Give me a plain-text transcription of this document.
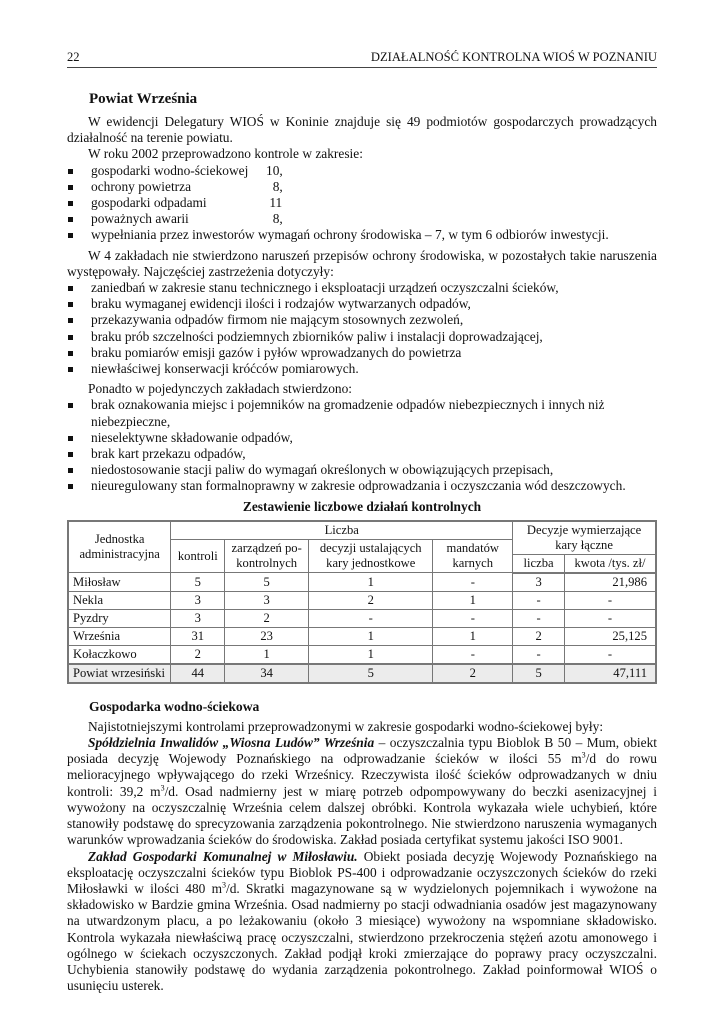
22	DZIAŁALNOŚĆ KONTROLNA WIOŚ W POZNANIU
Powiat Września

W ewidencji Delegatury WIOŚ w Koninie znajduje się 49 podmiotów gospodarczych prowadzących działalność na terenie powiatu.

W roku 2002 przeprowadzono kontrole w zakresie:

gospodarki wodno-ściekowej 10,
ochrony powietrza	8,
gospodarki odpadami	11
poważnych awarii	8,
wypełniania przez inwestorów wymagań ochrony środowiska – 7, w tym 6 odbiorów inwestycji.

W 4 zakładach nie stwierdzono naruszeń przepisów ochrony środowiska, w pozostałych takie naruszenia występowały. Najczęściej zastrzeżenia dotyczyły:

zaniedbań w zakresie stanu technicznego i eksploatacji urządzeń oczyszczalni ścieków,
braku wymaganej ewidencji ilości i rodzajów wytwarzanych odpadów,
przekazywania odpadów firmom nie mającym stosownych zezwoleń,
braku prób szczelności podziemnych zbiorników paliw i instalacji doprowadzającej,
braku pomiarów emisji gazów i pyłów wprowadzanych do powietrza
niewłaściwej konserwacji króćców pomiarowych.

Ponadto w pojedynczych zakładach stwierdzono:

brak oznakowania miejsc i pojemników na gromadzenie odpadów niebezpiecznych i innych niż niebezpieczne,
nieselektywne składowanie odpadów,
brak kart przekazu odpadów,
niedostosowanie stacji paliw do wymagań określonych w obowiązujących przepisach,
nieuregulowany stan formalnoprawny w zakresie odprowadzania i oczyszczania wód deszczowych.
Zestawienie liczbowe działań kontrolnych
Jednostka administracyjna	Liczba				Decyzje wymierzające kary łączne	
	kontroli	zarządzeń po-kontrolnych	decyzji ustalających kary jednostkowe	mandatów karnych		
					liczba	kwota /tys. zł/
Miłosław	5	5	1	-	3	21,986
Nekla	3	3	2	1	-	-
Pyzdry	3	2	-	-	-	-
Września	31	23	1	1	2	25,125
Kołaczkowo	2	1	1	-	-	-
Powiat wrzesiński	44	34	5	2	5	47,111
Gospodarka wodno-ściekowa

Najistotniejszymi kontrolami przeprowadzonymi w zakresie gospodarki wodno-ściekowej były:

Spółdzielnia Inwalidów „Wiosna Ludów” Września – oczyszczalnia typu Bioblok B 50 – Mum, obiekt posiada decyzję Wojewody Poznańskiego na odprowadzanie ścieków w ilości 55 $m^3/d$ do rowu melioracyjnego wpływającego do rzeki Wrześnicy. Rzeczywista ilość ścieków odprowadzanych w dniu kontroli: 39,2 $m^3/d$. Osad nadmierny jest w miarę potrzeb odpompowywany do beczki asenizacyjnej i wywożony na oczyszczalnię Września celem dalszej obróbki. Kontrola wykazała wiele uchybień, które stanowiły podstawę do sprecyzowania zarządzenia pokontrolnego. Nie stwierdzono naruszenia wymaganych warunków wprowadzania ścieków do środowiska. Zakład posiada certyfikat systemu jakości ISO 9001.

Zakład Gospodarki Komunalnej w Miłosławiu. Obiekt posiada decyzję Wojewody Poznańskiego na eksploatację oczyszczalni ścieków typu Bioblok PS-400 i odprowadzanie oczyszczonych ścieków do rzeki Miłosławki w ilości 480 $m^3/d$. Skratki magazynowane są w wydzielonych pojemnikach i wywożone na składowisko w Bardzie gmina Września. Osad nadmierny po stacji odwadniania osadów jest magazynowany na utwardzonym placu, a po leżakowaniu (około 3 miesiące) wywożony na wspomniane składowisko. Kontrola wykazała niewłaściwą pracę oczyszczalni, stwierdzono przekroczenia stężeń azotu amonowego i ogólnego w ściekach oczyszczonych. Zakład podjął kroki zmierzające do poprawy pracy oczyszczalni. Uchybienia stanowiły podstawę do wydania zarządzenia pokontrolnego. Zakład poinformował WIOŚ o usunięciu usterek.
